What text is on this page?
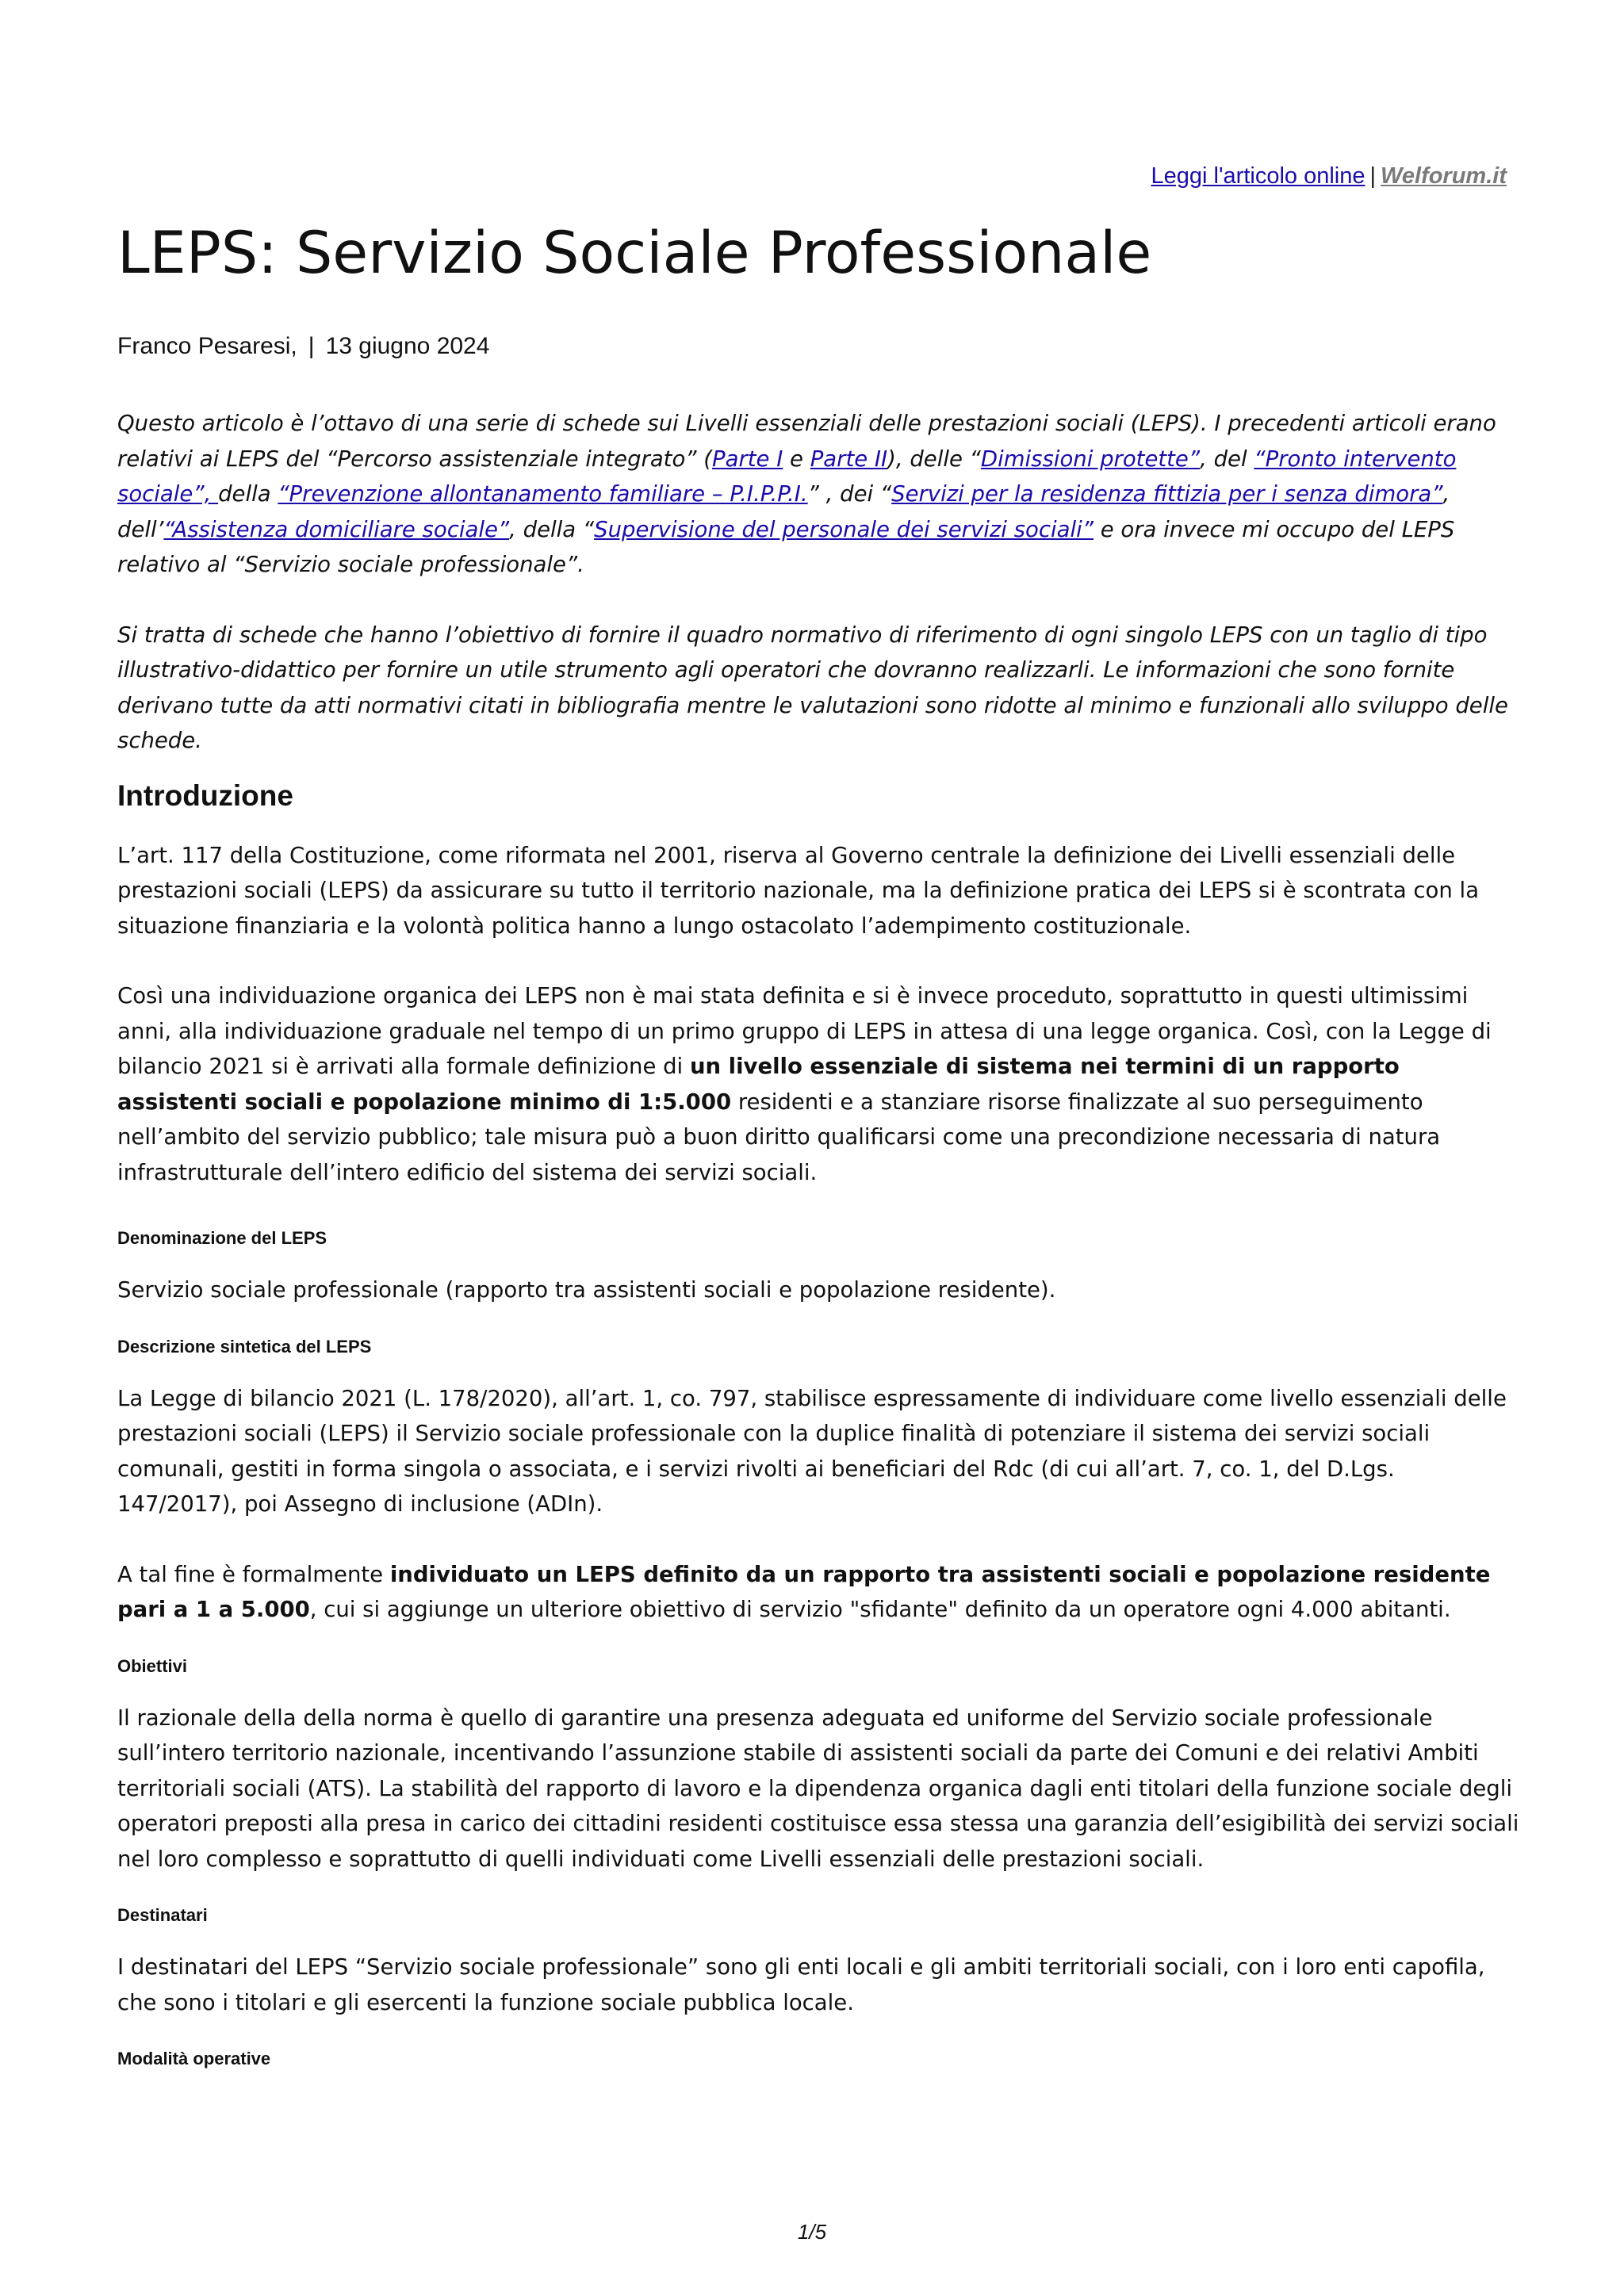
Leggi l'articolo online | Welforum.it
LEPS: Servizio Sociale Professionale
Franco Pesaresi, | 13 giugno 2024

Questo articolo è l’ottavo di una serie di schede sui Livelli essenziali delle prestazioni sociali (LEPS). I precedenti articoli erano relativi ai LEPS del “Percorso assistenziale integrato” (Parte I e Parte II), delle “Dimissioni protette”, del “Pronto intervento sociale”, della “Prevenzione allontanamento familiare – P.I.P.P.I.” , dei “Servizi per la residenza fittizia per i senza dimora”, dell’“Assistenza domiciliare sociale”, della “Supervisione del personale dei servizi sociali” e ora invece mi occupo del LEPS relativo al “Servizio sociale professionale”.

Si tratta di schede che hanno l’obiettivo di fornire il quadro normativo di riferimento di ogni singolo LEPS con un taglio di tipo illustrativo-didattico per fornire un utile strumento agli operatori che dovranno realizzarli. Le informazioni che sono fornite derivano tutte da atti normativi citati in bibliografia mentre le valutazioni sono ridotte al minimo e funzionali allo sviluppo delle schede.

Introduzione

L’art. 117 della Costituzione, come riformata nel 2001, riserva al Governo centrale la definizione dei Livelli essenziali delle prestazioni sociali (LEPS) da assicurare su tutto il territorio nazionale, ma la definizione pratica dei LEPS si è scontrata con la situazione finanziaria e la volontà politica hanno a lungo ostacolato l’adempimento costituzionale.

Così una individuazione organica dei LEPS non è mai stata definita e si è invece proceduto, soprattutto in questi ultimissimi anni, alla individuazione graduale nel tempo di un primo gruppo di LEPS in attesa di una legge organica. Così, con la Legge di bilancio 2021 si è arrivati alla formale definizione di un livello essenziale di sistema nei termini di un rapporto assistenti sociali e popolazione minimo di 1:5.000 residenti e a stanziare risorse finalizzate al suo perseguimento nell’ambito del servizio pubblico; tale misura può a buon diritto qualificarsi come una precondizione necessaria di natura infrastrutturale dell’intero edificio del sistema dei servizi sociali.

Denominazione del LEPS

Servizio sociale professionale (rapporto tra assistenti sociali e popolazione residente).

Descrizione sintetica del LEPS

La Legge di bilancio 2021 (L. 178/2020), all’art. 1, co. 797, stabilisce espressamente di individuare come livello essenziali delle prestazioni sociali (LEPS) il Servizio sociale professionale con la duplice finalità di potenziare il sistema dei servizi sociali comunali, gestiti in forma singola o associata, e i servizi rivolti ai beneficiari del Rdc (di cui all’art. 7, co. 1, del D.Lgs. 147/2017), poi Assegno di inclusione (ADIn).

A tal fine è formalmente individuato un LEPS definito da un rapporto tra assistenti sociali e popolazione residente pari a 1 a 5.000, cui si aggiunge un ulteriore obiettivo di servizio "sfidante" definito da un operatore ogni 4.000 abitanti.

Obiettivi

Il razionale della della norma è quello di garantire una presenza adeguata ed uniforme del Servizio sociale professionale sull’intero territorio nazionale, incentivando l’assunzione stabile di assistenti sociali da parte dei Comuni e dei relativi Ambiti territoriali sociali (ATS). La stabilità del rapporto di lavoro e la dipendenza organica dagli enti titolari della funzione sociale degli operatori preposti alla presa in carico dei cittadini residenti costituisce essa stessa una garanzia dell’esigibilità dei servizi sociali nel loro complesso e soprattutto di quelli individuati come Livelli essenziali delle prestazioni sociali.

Destinatari

I destinatari del LEPS “Servizio sociale professionale” sono gli enti locali e gli ambiti territoriali sociali, con i loro enti capofila, che sono i titolari e gli esercenti la funzione sociale pubblica locale.

Modalità operative
1/5
